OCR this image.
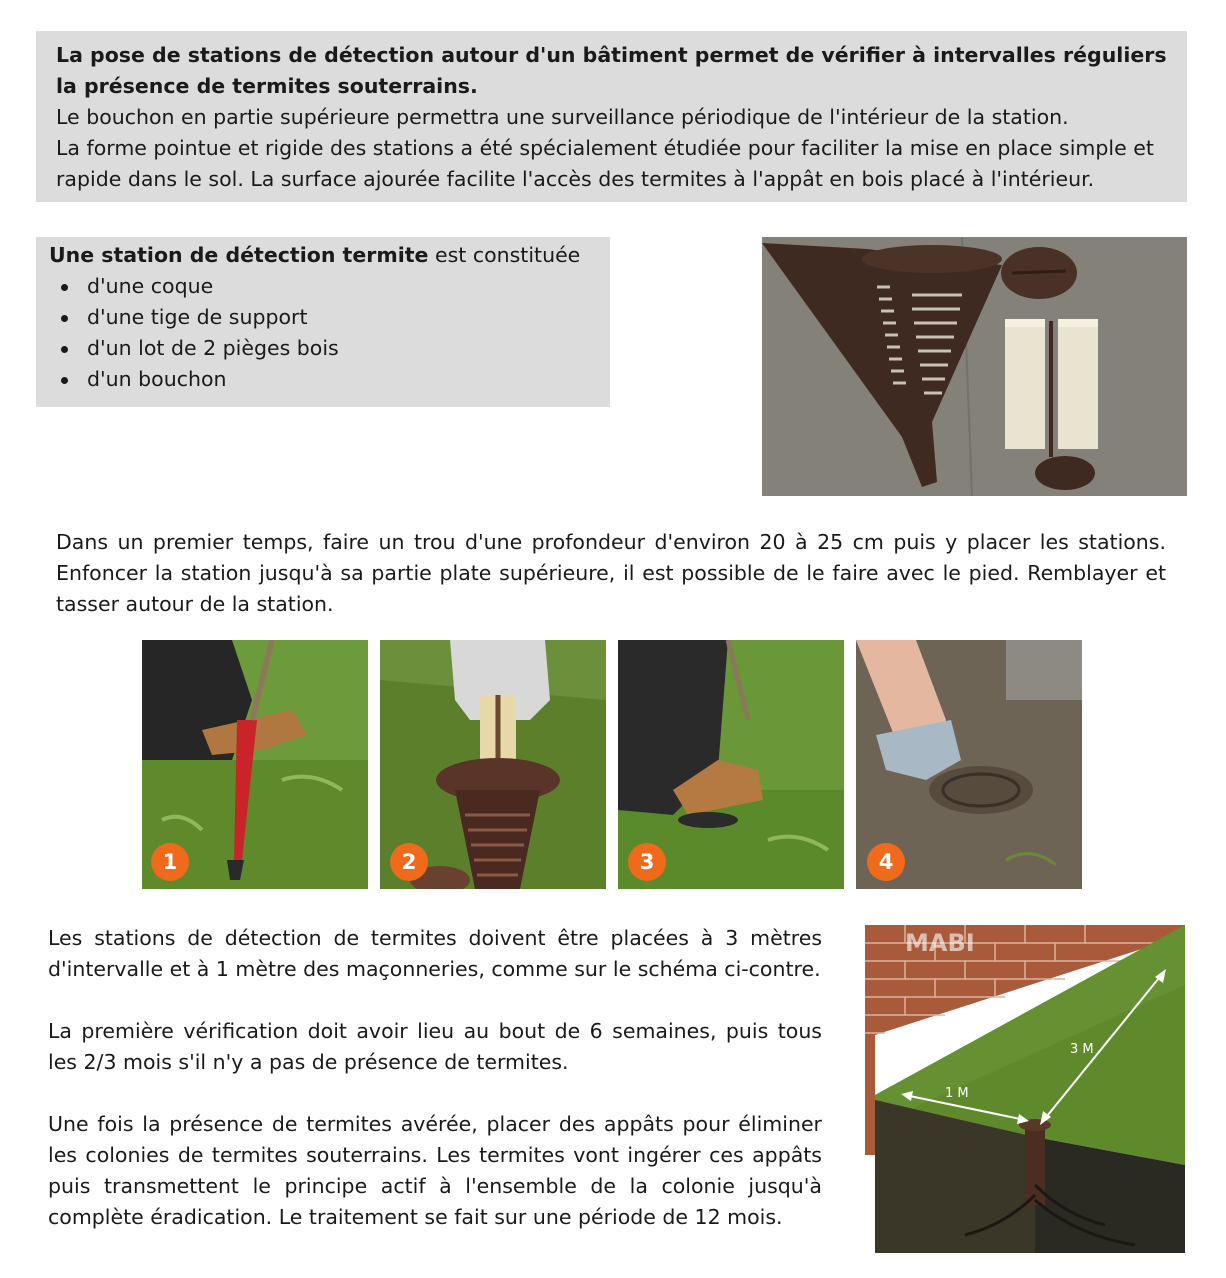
La pose de stations de détection autour d'un bâtiment permet de vérifier à intervalles réguliers la présence de termites souterrains.

Le bouchon en partie supérieure permettra une surveillance périodique de l'intérieur de la station.

La forme pointue et rigide des stations a été spécialement étudiée pour faciliter la mise en place simple et rapide dans le sol. La surface ajourée facilite l'accès des termites à l'appât en bois placé à l'intérieur.

Une station de détection termite est constituée

d'une coque
d'une tige de support
d'un lot de 2 pièges bois
d'un bouchon

Dans un premier temps, faire un trou d'une profondeur d'environ 20 à 25 cm puis y placer les stations. Enfoncer la station jusqu'à sa partie plate supérieure, il est possible de le faire avec le pied. Remblayer et tasser autour de la station.

1	2	3	4

Les stations de détection de termites doivent être placées à 3 mètres d'intervalle et à 1 mètre des maçonneries, comme sur le schéma ci-contre.

La première vérification doit avoir lieu au bout de 6 semaines, puis tous les 2/3 mois s'il n'y a pas de présence de termites.

Une fois la présence de termites avérée, placer des appâts pour éliminer les colonies de termites souterrains. Les termites vont ingérer ces appâts puis transmettent le principe actif à l'ensemble de la colonie jusqu'à complète éradication. Le traitement se fait sur une période de 12 mois.

3 M
1 M
MABI
